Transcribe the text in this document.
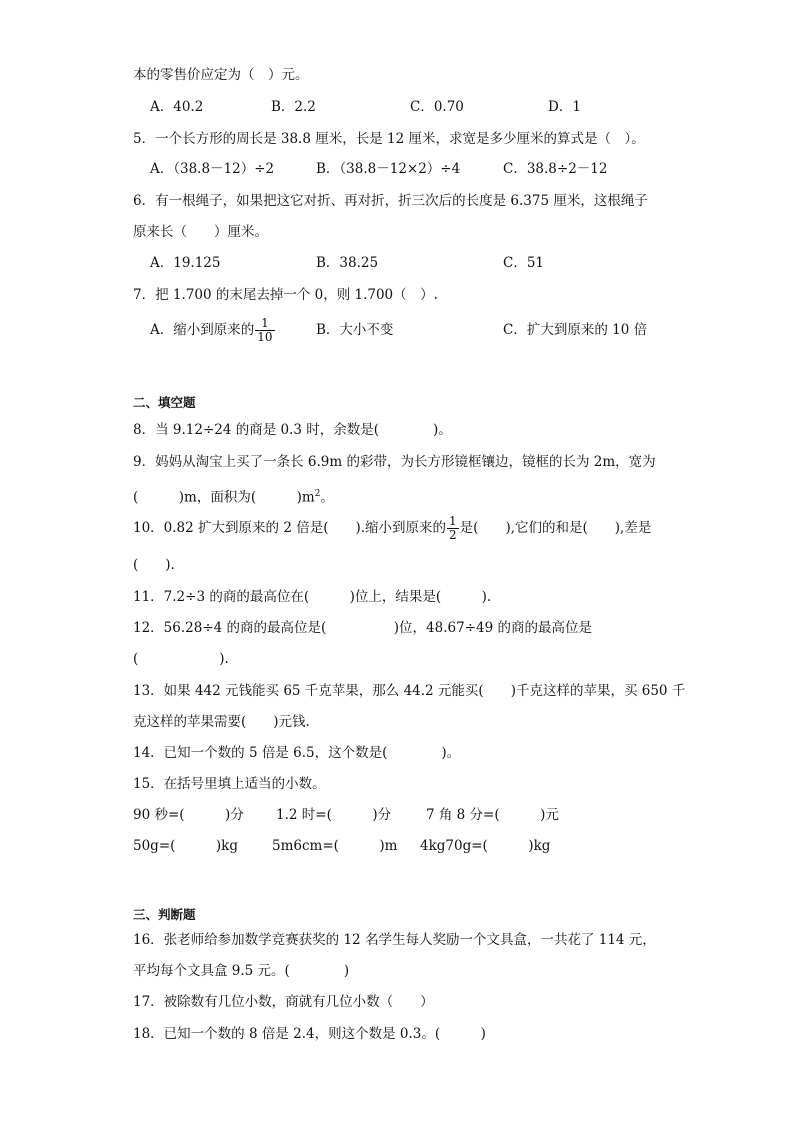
本的零售价应定为（　）元。
A．40.2	B．2.2	C．0.70	D．1
5．一个长方形的周长是 38.8 厘米，长是 12 厘米，求宽是多少厘米的算式是（　）。
A．（38.8－12）÷2	B．（38.8－12×2）÷4	C．38.8÷2－12
6．有一根绳子，如果把这它对折、再对折，折三次后的长度是 6.375 厘米，这根绳子
原来长（　　）厘米。
A．19.125	B．38.25	C．51
7．把 1.700 的末尾去掉一个 0，则 1.700（　）.
A．缩小到原来的 $\frac{1}{10}$	B．大小不变	C．扩大到原来的 10 倍
二、填空题
8．当 9.12÷24 的商是 0.3 时，余数是(　　　　)。
9．妈妈从淘宝上买了一条长 6.9m 的彩带，为长方形镜框镶边，镜框的长为 2m，宽为
(　　　)m，面积为(　　　)$m^2$。
10．0.82 扩大到原来的 2 倍是(　　).缩小到原来的 $\frac{1}{2}$ 是(　　),它们的和是(　　),差是
(　　).
11．7.2÷3 的商的最高位在(　　　)位上，结果是(　　　).
12．56.28÷4 的商的最高位是(　　　　　)位，48.67÷49 的商的最高位是
(　　　　　　).
13．如果 442 元钱能买 65 千克苹果，那么 44.2 元能买(　　)千克这样的苹果，买 650 千
克这样的苹果需要(　　)元钱.
14．已知一个数的 5 倍是 6.5，这个数是(　　　　)。
15．在括号里填上适当的小数。
90 秒=(　　　)分 1.2 时=(　　　)分	7 角 8 分=(　　　)元
50g=(　　　)kg	5m6cm=(　　　)m 4kg70g=(　　　)kg
三、判断题
16．张老师给参加数学竞赛获奖的 12 名学生每人奖励一个文具盒，一共花了 114 元，
平均每个文具盒 9.5 元。(　　　　)
17．被除数有几位小数，商就有几位小数（　　）
18．已知一个数的 8 倍是 2.4，则这个数是 0.3。(　　　)
